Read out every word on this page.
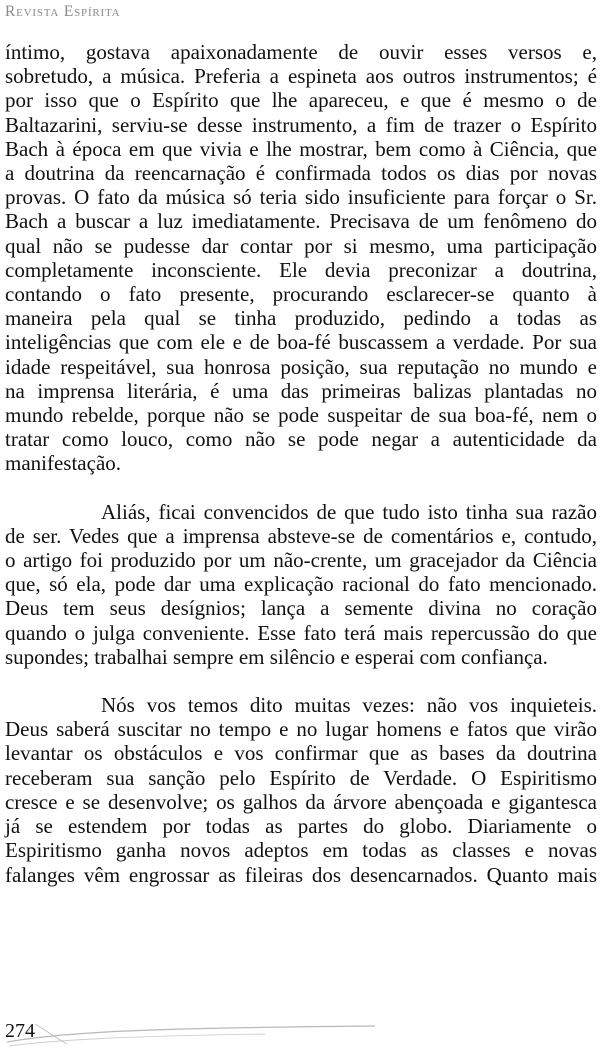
Revista Espírita

íntimo, gostava apaixonadamente de ouvir esses versos e,
sobretudo, a música. Preferia a espineta aos outros instrumentos; é
por isso que o Espírito que lhe apareceu, e que é mesmo o de
Baltazarini, serviu-se desse instrumento, a fim de trazer o Espírito
Bach à época em que vivia e lhe mostrar, bem como à Ciência, que
a doutrina da reencarnação é confirmada todos os dias por novas
provas. O fato da música só teria sido insuficiente para forçar o Sr.
Bach a buscar a luz imediatamente. Precisava de um fenômeno do
qual não se pudesse dar contar por si mesmo, uma participação
completamente inconsciente. Ele devia preconizar a doutrina,
contando o fato presente, procurando esclarecer-se quanto à
maneira pela qual se tinha produzido, pedindo a todas as
inteligências que com ele e de boa-fé buscassem a verdade. Por sua
idade respeitável, sua honrosa posição, sua reputação no mundo e
na imprensa literária, é uma das primeiras balizas plantadas no
mundo rebelde, porque não se pode suspeitar de sua boa-fé, nem o
tratar como louco, como não se pode negar a autenticidade da
manifestação.

Aliás, ficai convencidos de que tudo isto tinha sua razão
de ser. Vedes que a imprensa absteve-se de comentários e, contudo,
o artigo foi produzido por um não-crente, um gracejador da Ciência
que, só ela, pode dar uma explicação racional do fato mencionado.
Deus tem seus desígnios; lança a semente divina no coração
quando o julga conveniente. Esse fato terá mais repercussão do que
supondes; trabalhai sempre em silêncio e esperai com confiança.

Nós vos temos dito muitas vezes: não vos inquieteis.
Deus saberá suscitar no tempo e no lugar homens e fatos que virão
levantar os obstáculos e vos confirmar que as bases da doutrina
receberam sua sanção pelo Espírito de Verdade. O Espiritismo
cresce e se desenvolve; os galhos da árvore abençoada e gigantesca
já se estendem por todas as partes do globo. Diariamente o
Espiritismo ganha novos adeptos em todas as classes e novas
falanges vêm engrossar as fileiras dos desencarnados. Quanto mais

274
